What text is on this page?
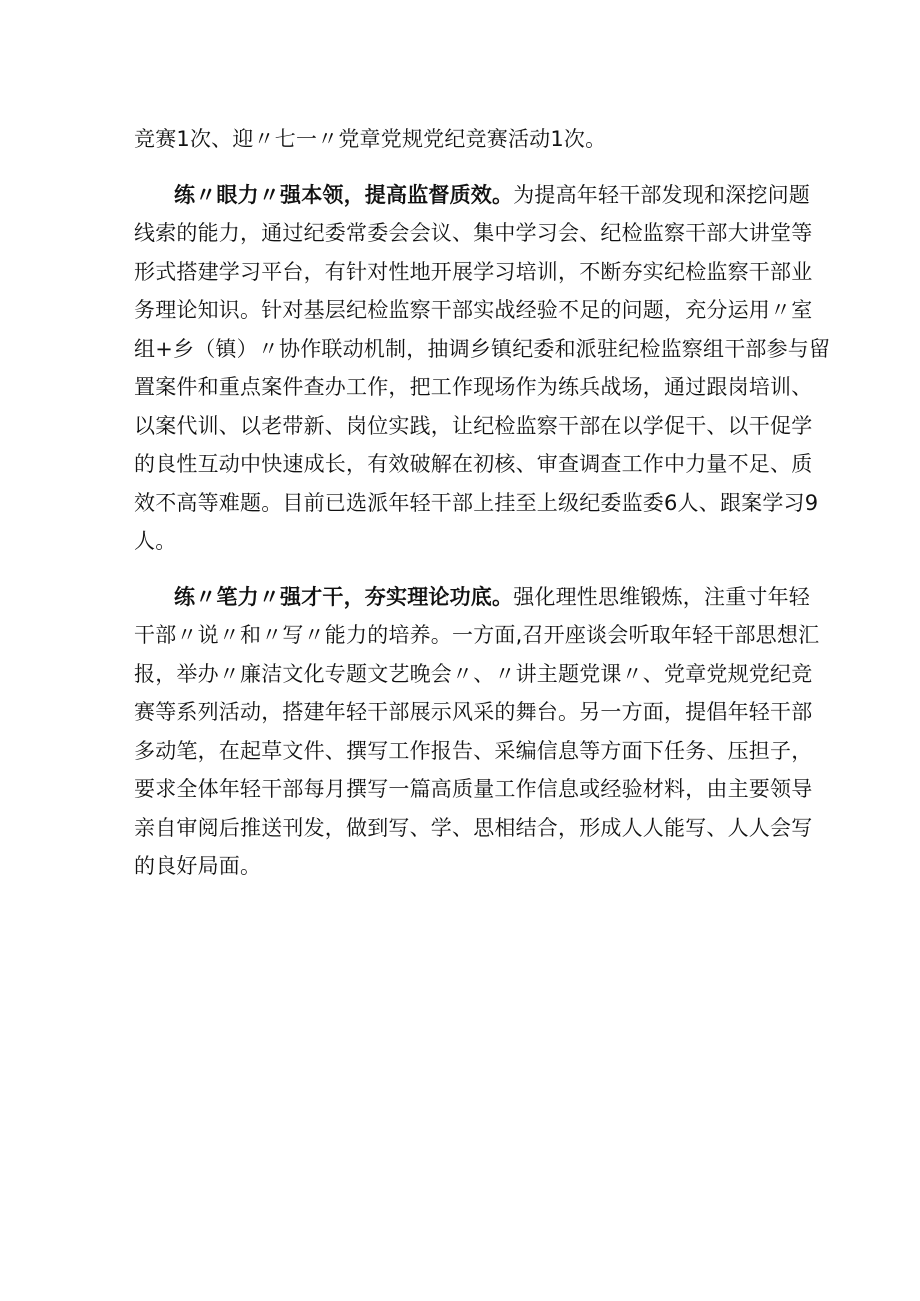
竞赛1次、迎〃七一〃党章党规党纪竞赛活动1次。
练〃眼力〃强本领，提高监督质效。为提高年轻干部发现和深挖问题
线索的能力，通过纪委常委会会议、集中学习会、纪检监察干部大讲堂等
形式搭建学习平台，有针对性地开展学习培训，不断夯实纪检监察干部业
务理论知识。针对基层纪检监察干部实战经验不足的问题，充分运用〃室
组+乡（镇）〃协作联动机制，抽调乡镇纪委和派驻纪检监察组干部参与留
置案件和重点案件查办工作，把工作现场作为练兵战场，通过跟岗培训、
以案代训、以老带新、岗位实践，让纪检监察干部在以学促干、以干促学
的良性互动中快速成长，有效破解在初核、审查调查工作中力量不足、质
效不高等难题。目前已选派年轻干部上挂至上级纪委监委6人、跟案学习9
人。
练〃笔力〃强才干，夯实理论功底。强化理性思维锻炼，注重寸年轻
干部〃说〃和〃写〃能力的培养。一方面,召开座谈会听取年轻干部思想汇
报，举办〃廉洁文化专题文艺晚会〃、〃讲主题党课〃、党章党规党纪竞
赛等系列活动，搭建年轻干部展示风采的舞台。另一方面，提倡年轻干部
多动笔，在起草文件、撰写工作报告、采编信息等方面下任务、压担子，
要求全体年轻干部每月撰写一篇高质量工作信息或经验材料，由主要领导
亲自审阅后推送刊发，做到写、学、思相结合，形成人人能写、人人会写
的良好局面。
